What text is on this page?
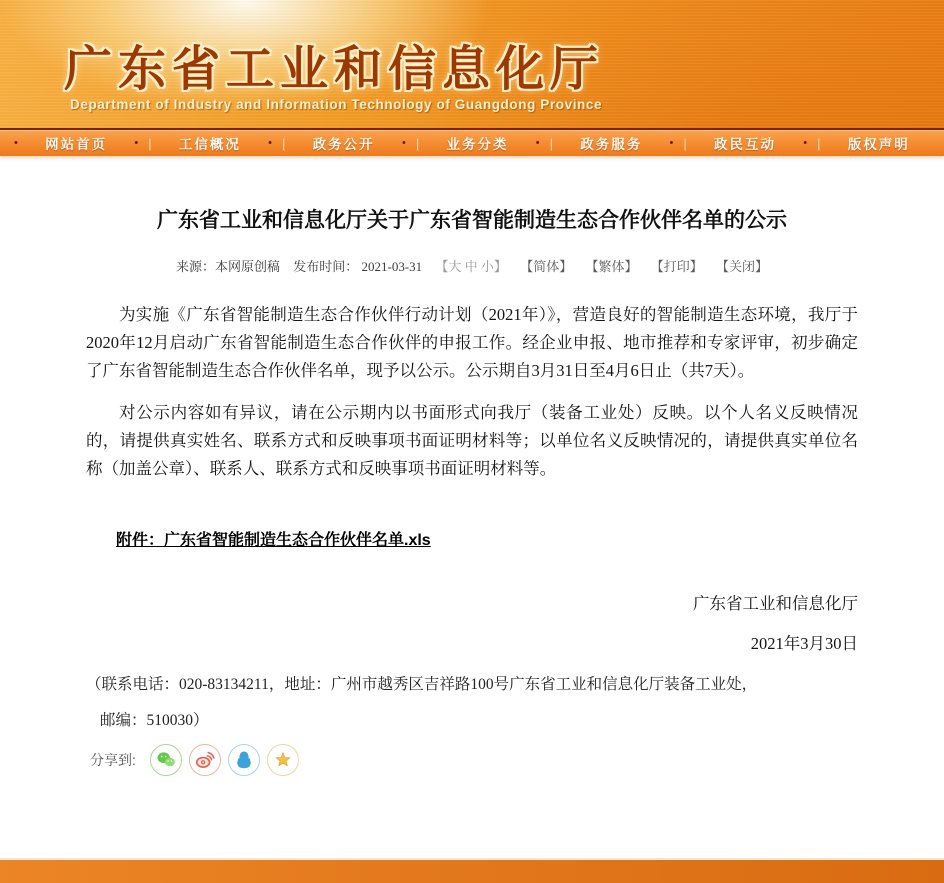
广东省工业和信息化厅
Department of Industry and Information Technology of Guangdong Province
• 网站首页 • | 工信概况 • | 政务公开 • | 业务分类 • | 政务服务 • | 政民互动 • | 版权声明
广东省工业和信息化厅关于广东省智能制造生态合作伙伴名单的公示
来源：本网原创稿 发布时间： 2021-03-31 【大 中 小】 【简体】 【繁体】 【打印】 【关闭】

为实施《广东省智能制造生态合作伙伴行动计划（2021年）》，营造良好的智能制造生态环境，我厅于2020年12月启动广东省智能制造生态合作伙伴的申报工作。经企业申报、地市推荐和专家评审，初步确定了广东省智能制造生态合作伙伴名单，现予以公示。公示期自3月31日至4月6日止（共7天）。

对公示内容如有异议，请在公示期内以书面形式向我厅（装备工业处）反映。以个人名义反映情况的，请提供真实姓名、联系方式和反映事项书面证明材料等；以单位名义反映情况的，请提供真实单位名称（加盖公章）、联系人、联系方式和反映事项书面证明材料等。

附件：广东省智能制造生态合作伙伴名单.xls
广东省工业和信息化厅
2021年3月30日
（联系电话：020-83134211，地址：广州市越秀区吉祥路100号广东省工业和信息化厅装备工业处，
邮编：510030）
分享到:
